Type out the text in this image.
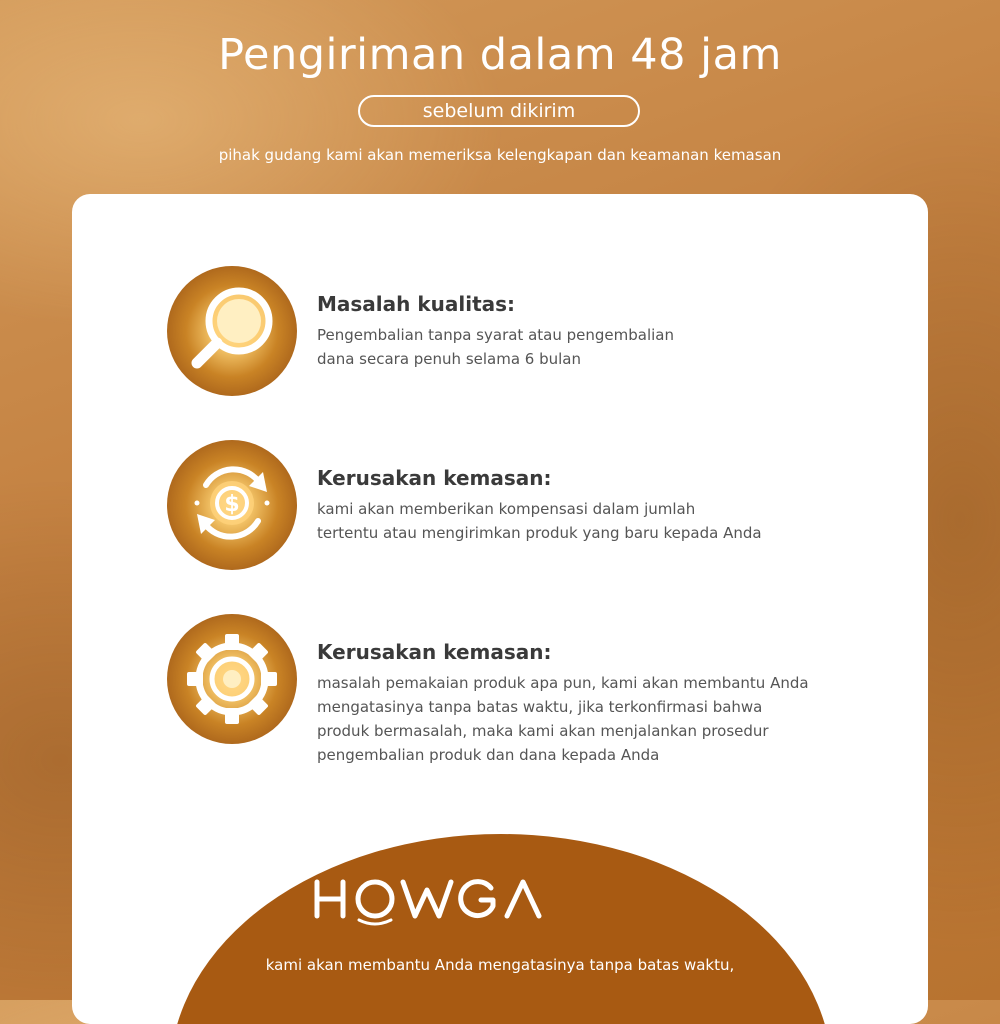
Pengiriman dalam 48 jam
sebelum dikirim
pihak gudang kami akan memeriksa kelengkapan dan keamanan kemasan
Masalah kualitas:
Pengembalian tanpa syarat atau pengembalian
dana secara penuh selama 6 bulan
$
Kerusakan kemasan:
kami akan memberikan kompensasi dalam jumlah
tertentu atau mengirimkan produk yang baru kepada Anda
Kerusakan kemasan:
masalah pemakaian produk apa pun, kami akan membantu Anda
mengatasinya tanpa batas waktu, jika terkonfirmasi bahwa
produk bermasalah, maka kami akan menjalankan prosedur
pengembalian produk dan dana kepada Anda
kami akan membantu Anda mengatasinya tanpa batas waktu,
